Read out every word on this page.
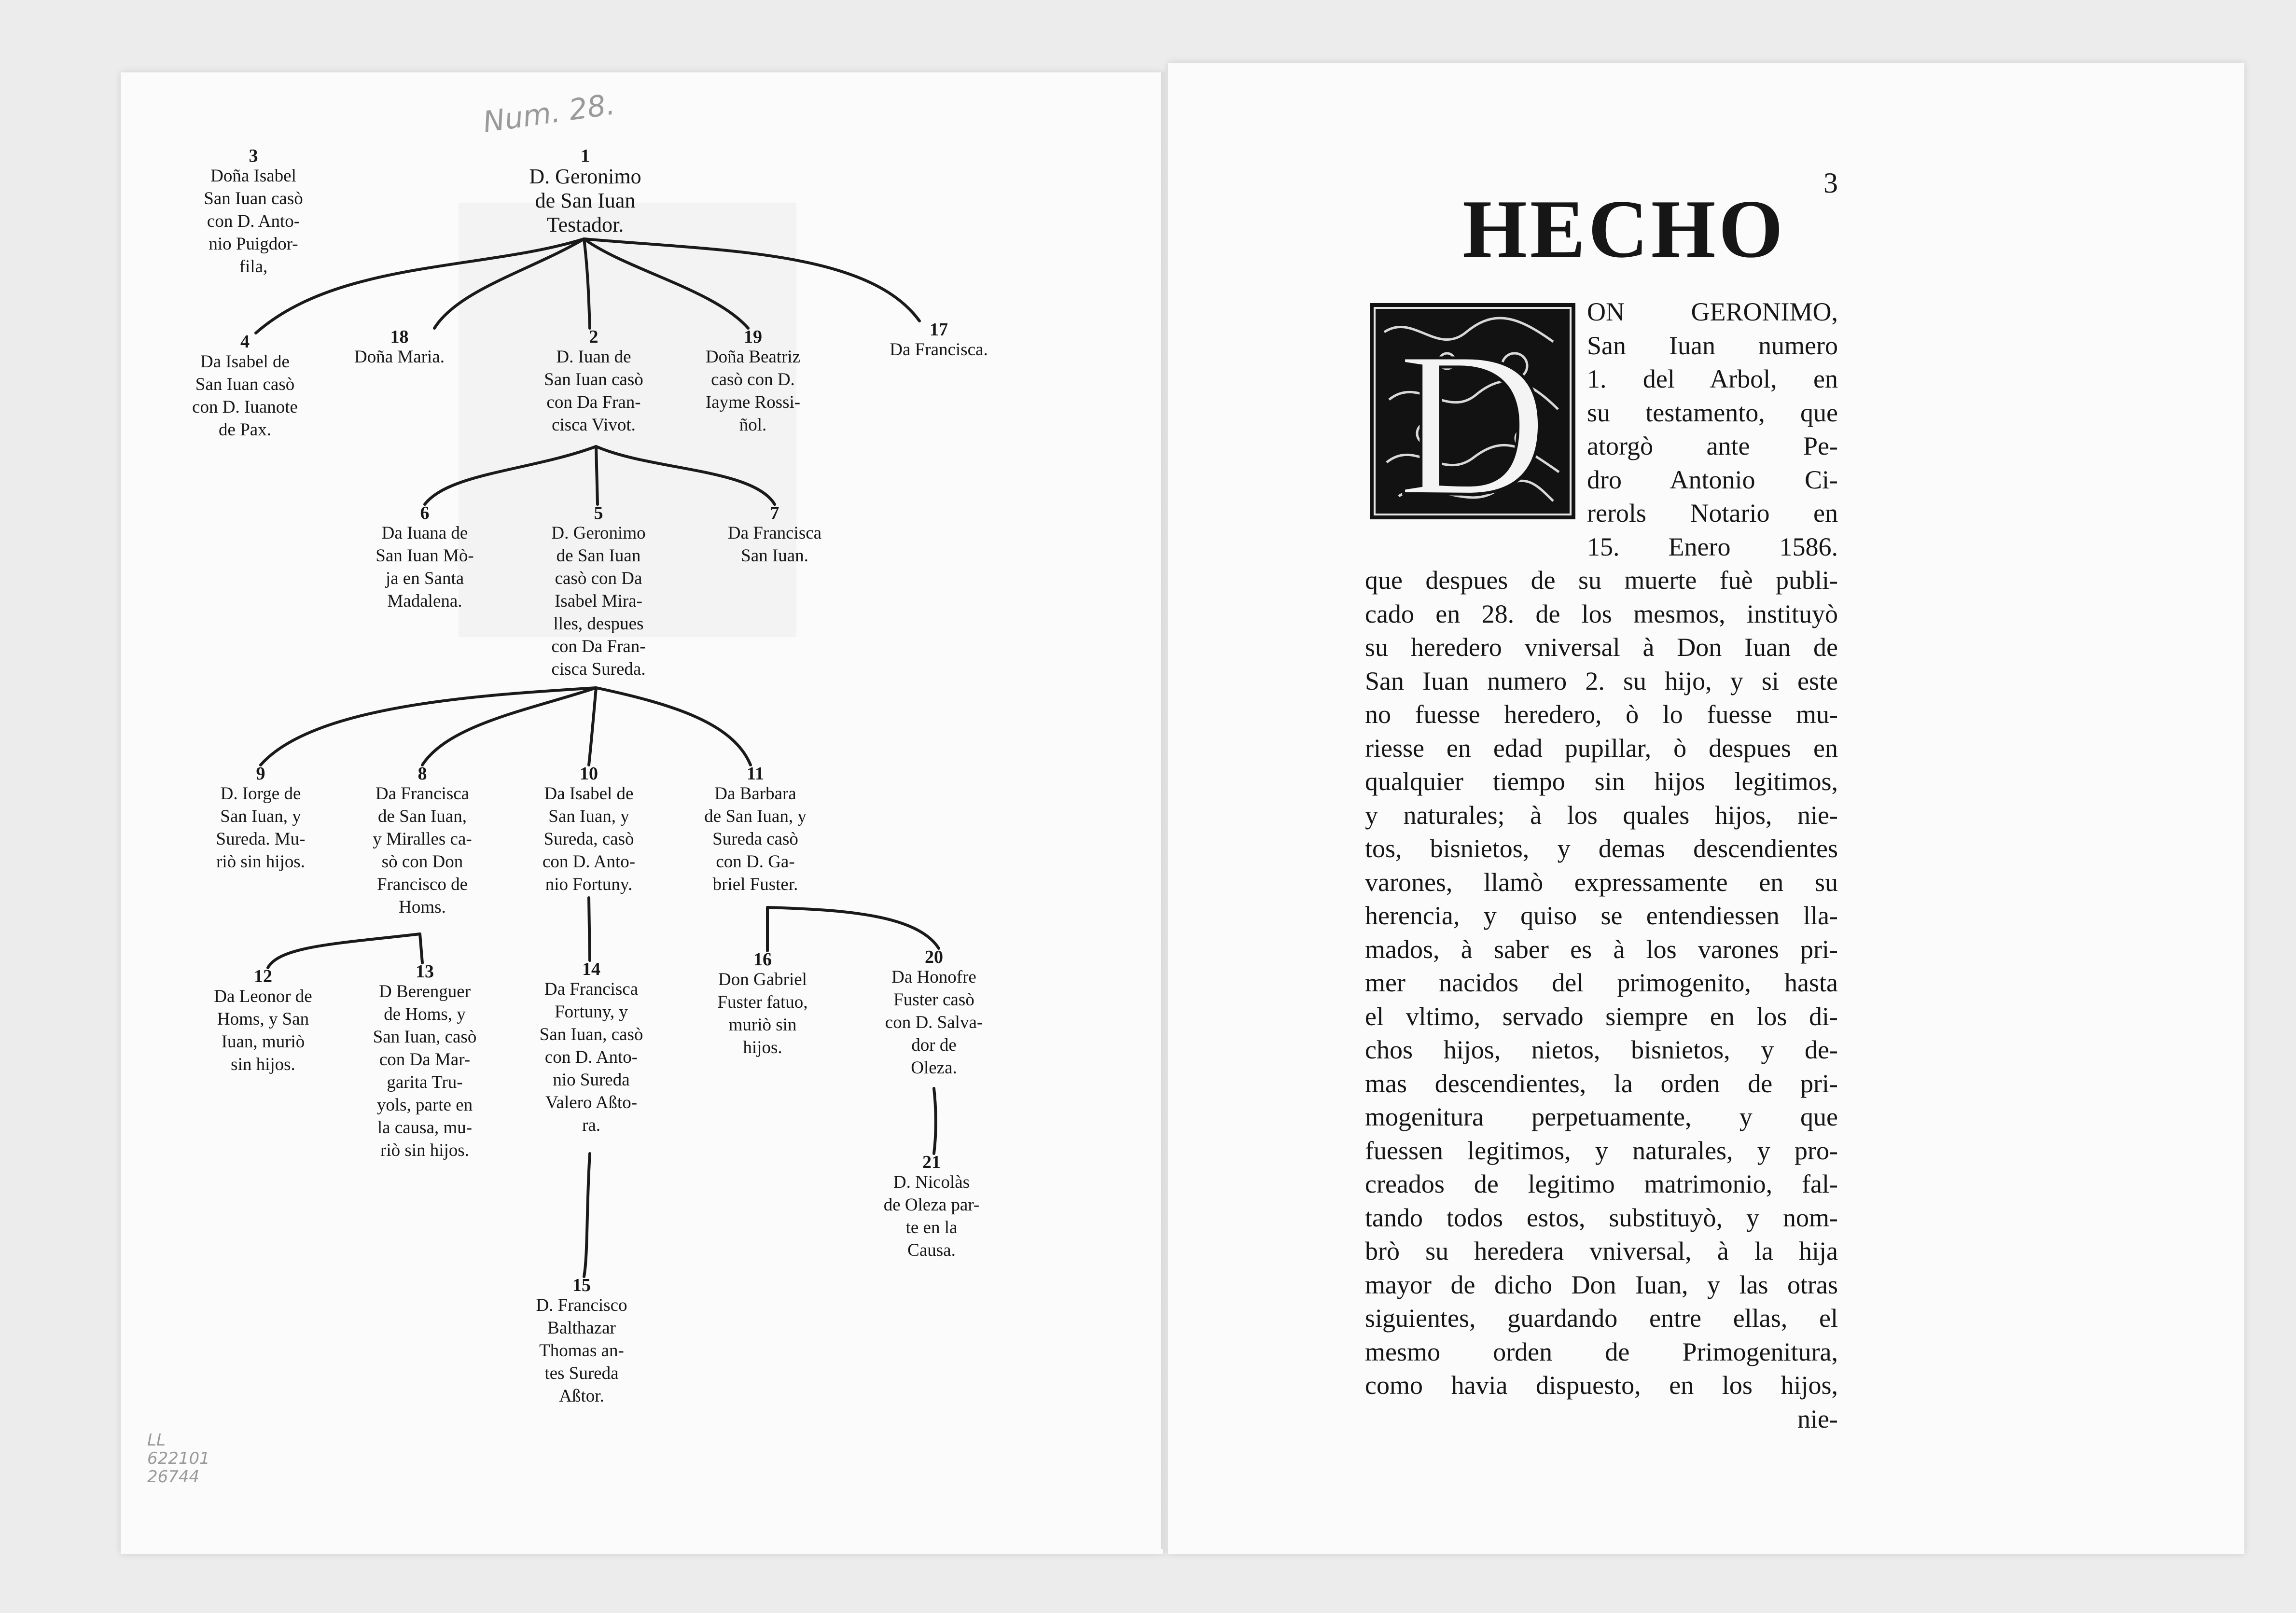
Num. 28.
LL
622101
26744
1
D. Geronimo
de San Iuan
Testador.
3
Doña Isabel
San Iuan casò
con D. Anto-
nio Puigdor-
fila,
4
Da Isabel de
San Iuan casò
con D. Iuanote
de Pax.
18
Doña Maria.
2
D. Iuan de
San Iuan casò
con Da Fran-
cisca Vivot.
19
Doña Beatriz
casò con D.
Iayme Rossi-
ñol.
17
Da Francisca.
6
Da Iuana de
San Iuan Mò-
ja en Santa
Madalena.
5
D. Geronimo
de San Iuan
casò con Da
Isabel Mira-
lles, despues
con Da Fran-
cisca Sureda.
7
Da Francisca
San Iuan.
9
D. Iorge de
San Iuan, y
Sureda. Mu-
riò sin hijos.
8
Da Francisca
de San Iuan,
y Miralles ca-
sò con Don
Francisco de
Homs.
10
Da Isabel de
San Iuan, y
Sureda, casò
con D. Anto-
nio Fortuny.
11
Da Barbara
de San Iuan, y
Sureda casò
con D. Ga-
briel Fuster.
12
Da Leonor de
Homs, y San
Iuan, muriò
sin hijos.
13
D Berenguer
de Homs, y
San Iuan, casò
con Da Mar-
garita Tru-
yols, parte en
la causa, mu-
riò sin hijos.
14
Da Francisca
Fortuny, y
San Iuan, casò
con D. Anto-
nio Sureda
Valero Aßto-
ra.
16
Don Gabriel
Fuster fatuo,
muriò sin
hijos.
20
Da Honofre
Fuster casò
con D. Salva-
dor de
Oleza.
21
D. Nicolàs
de Oleza par-
te en la
Causa.
15
D. Francisco
Balthazar
Thomas an-
tes Sureda
Aßtor.
3
HECHO
D ON GERONIMO,
San Iuan numero
1. del Arbol, en
su testamento, que
atorgò ante Pe-
dro Antonio Ci-
rerols Notario en
15. Enero 1586.
que despues de su muerte fuè publi-
cado en 28. de los mesmos, instituyò
su heredero vniversal à Don Iuan de
San Iuan numero 2. su hijo, y si este
no fuesse heredero, ò lo fuesse mu-
riesse en edad pupillar, ò despues en
qualquier tiempo sin hijos legitimos,
y naturales; à los quales hijos, nie-
tos, bisnietos, y demas descendientes
varones, llamò expressamente en su
herencia, y quiso se entendiessen lla-
mados, à saber es à los varones pri-
mer nacidos del primogenito, hasta
el vltimo, servado siempre en los di-
chos hijos, nietos, bisnietos, y de-
mas descendientes, la orden de pri-
mogenitura perpetuamente, y que
fuessen legitimos, y naturales, y pro-
creados de legitimo matrimonio, fal-
tando todos estos, substituyò, y nom-
brò su heredera vniversal, à la hija
mayor de dicho Don Iuan, y las otras
siguientes, guardando entre ellas, el
mesmo orden de Primogenitura,
como havia dispuesto, en los hijos,
nie-
